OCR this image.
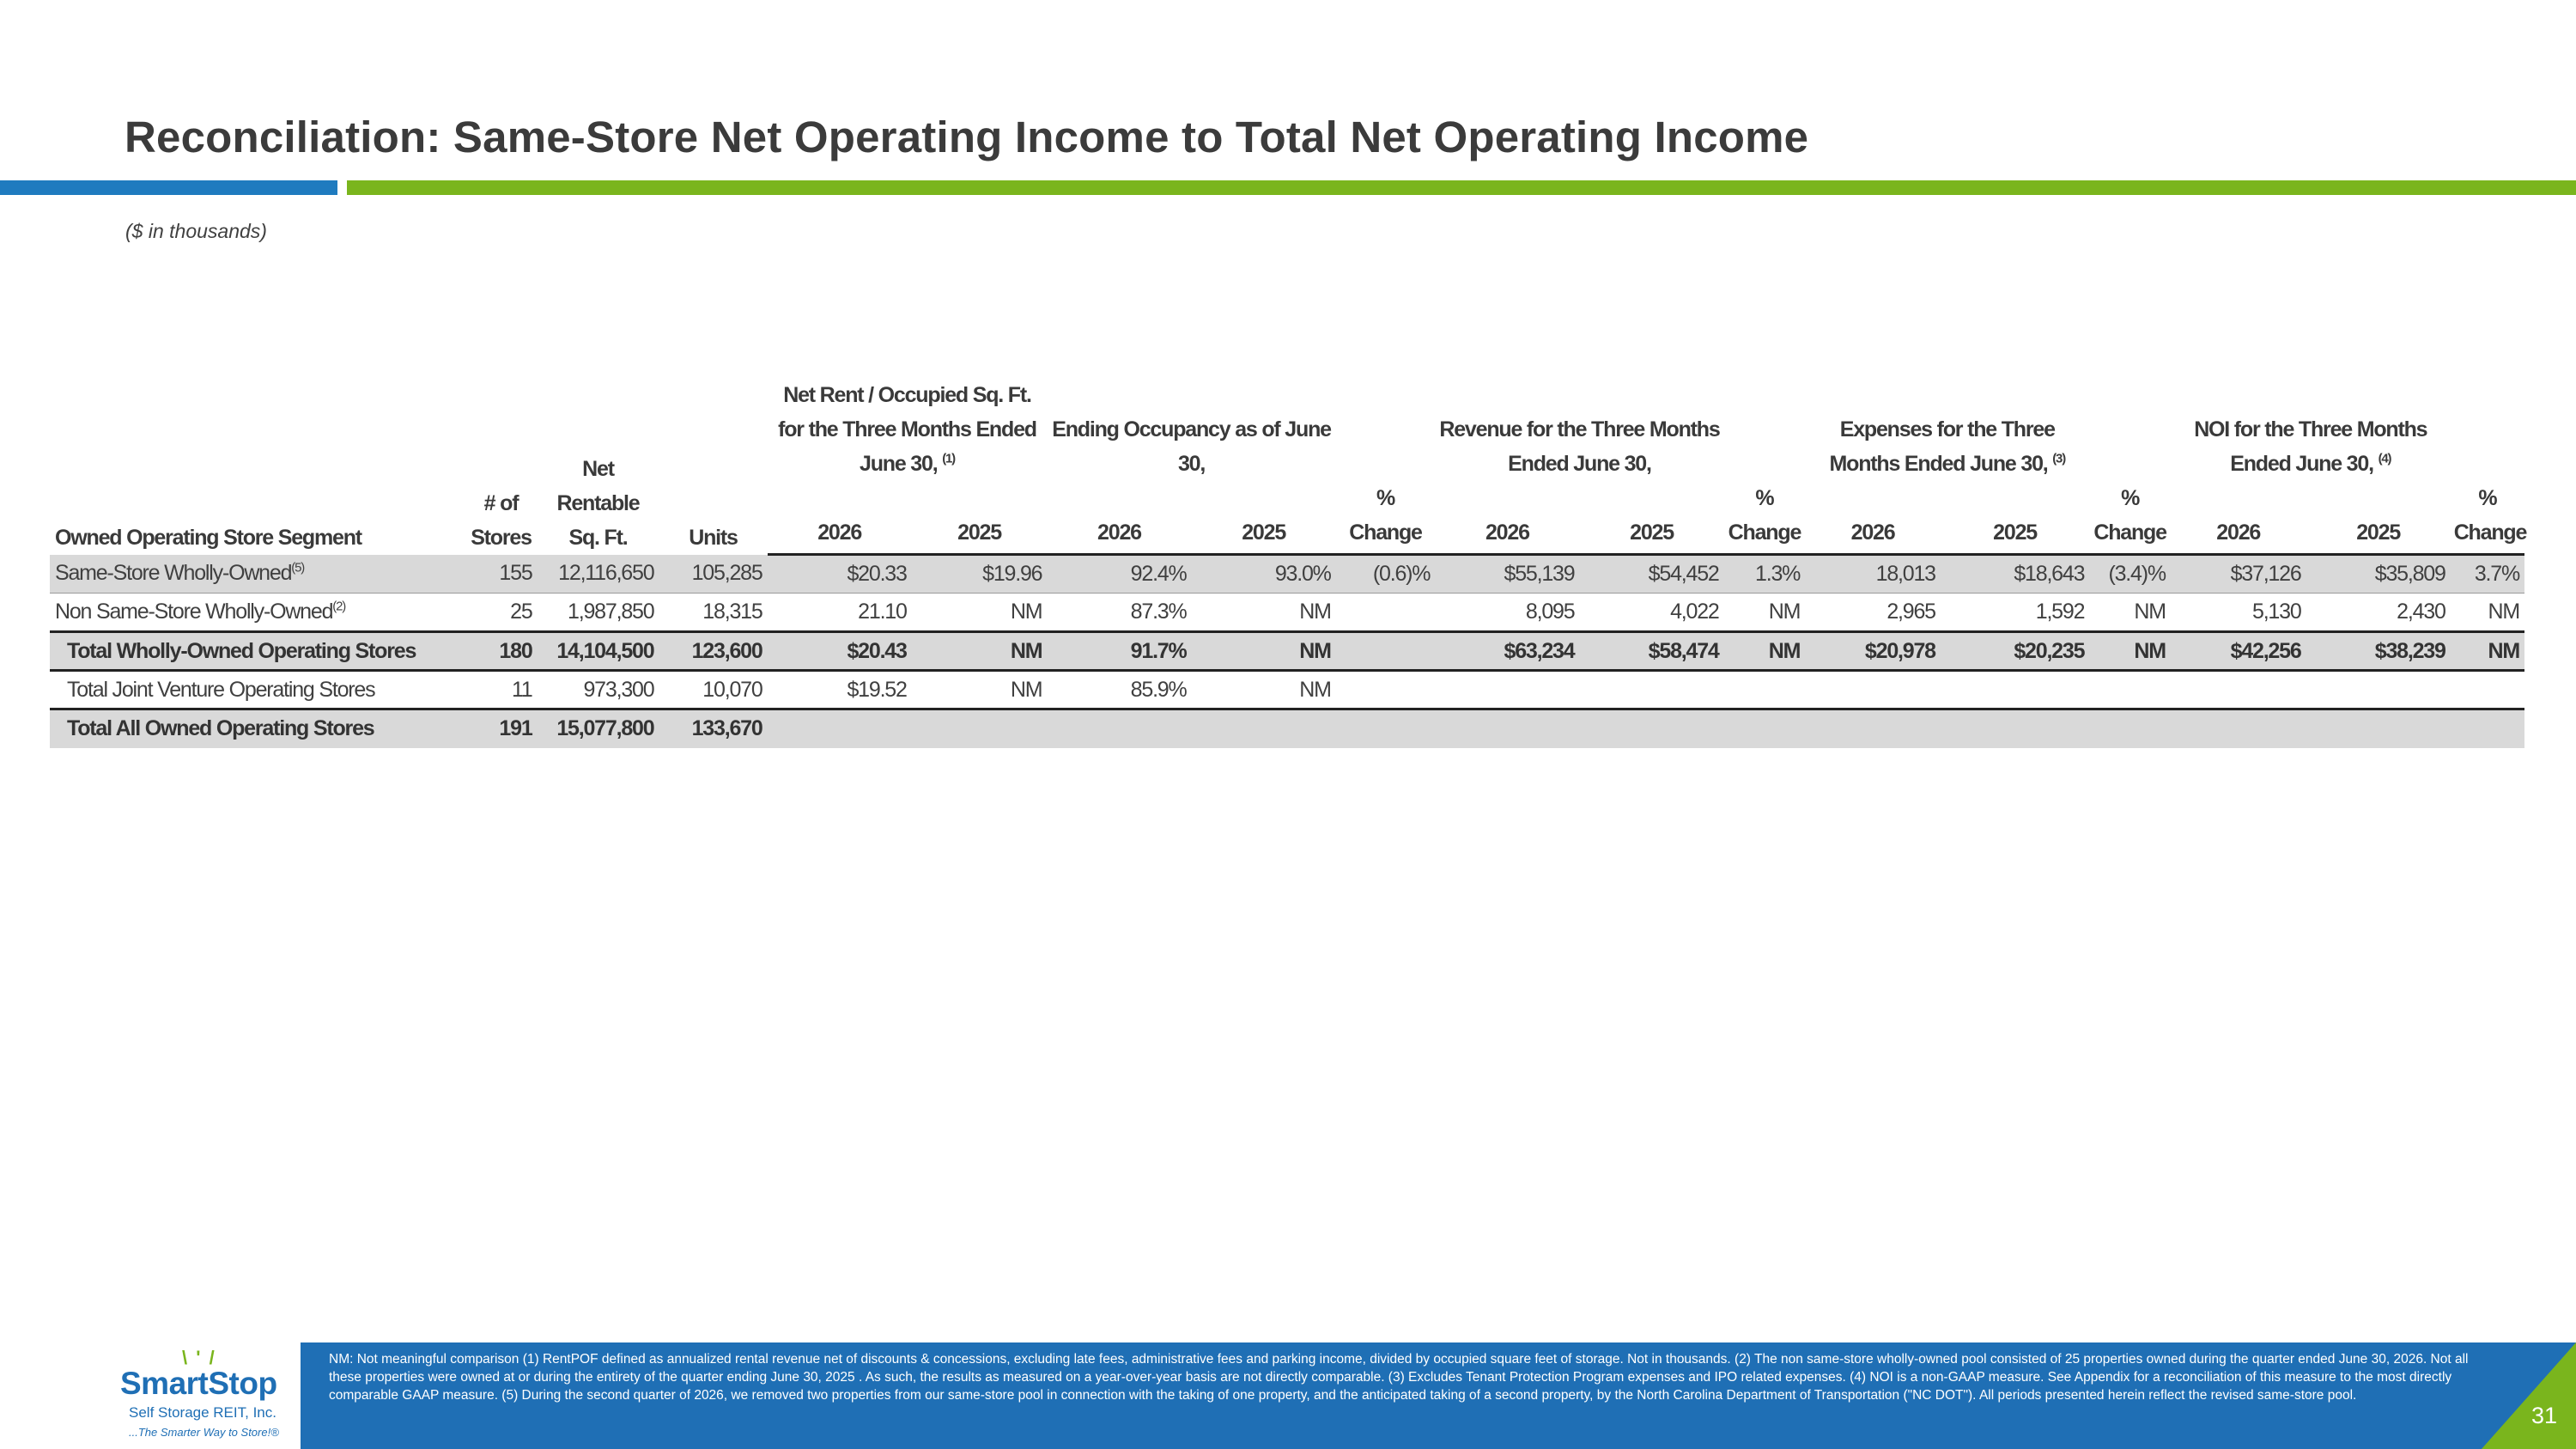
Reconciliation: Same-Store Net Operating Income to Total Net Operating Income
($ in thousands)
Owned Operating Store Segment	# of Stores	Net Rentable Sq. Ft.	Units	Net Rent / Occupied Sq. Ft. for the Three Months Ended June 30, $^{(1)}$		Ending Occupancy as of June 30,			Revenue for the Three Months Ended June 30,			Expenses for the Three Months Ended June 30, $^{(3)}$			NOI for the Three Months Ended June 30, $^{(4)}$	
				2026	2025	2026	2025	% Change	2026	2025	% Change	2026	2025	% Change	2026	2025	% Change
Same-Store Wholly-Owned$^{(5)}$	155	12,116,650	105,285	$20.33	$19.96	92.4%	93.0%	(0.6)%	$55,139	$54,452	1.3%	18,013	$18,643	(3.4)%	$37,126	$35,809	3.7%
Non Same-Store Wholly-Owned$^{(2)}$	25	1,987,850	18,315	21.10	NM	87.3%	NM		8,095	4,022	NM	2,965	1,592	NM	5,130	2,430	NM
Total Wholly-Owned Operating Stores	180	14,104,500	123,600	$20.43	NM	91.7%	NM		$63,234	$58,474	NM	$20,978	$20,235	NM	$42,256	$38,239	NM
Total Joint Venture Operating Stores	11	973,300	10,070	$19.52	NM	85.9%	NM										
Total All Owned Operating Stores	191	15,077,800	133,670														
\ ' /
SmartStop
Self Storage REIT, Inc.
...The Smarter Way to Store!®
NM: Not meaningful comparison (1) RentPOF defined as annualized rental revenue net of discounts & concessions, excluding late fees, administrative fees and parking income, divided by occupied square feet of storage. Not in thousands. (2) The non same-store wholly-owned pool consisted of 25 properties owned during the quarter ended June 30, 2026. Not all these properties were owned at or during the entirety of the quarter ending June 30, 2025 . As such, the results as measured on a year-over-year basis are not directly comparable. (3) Excludes Tenant Protection Program expenses and IPO related expenses. (4) NOI is a non-GAAP measure. See Appendix for a reconciliation of this measure to the most directly comparable GAAP measure. (5) During the second quarter of 2026, we removed two properties from our same-store pool in connection with the taking of one property, and the anticipated taking of a second property, by the North Carolina Department of Transportation ("NC DOT"). All periods presented herein reflect the revised same-store pool.
31
